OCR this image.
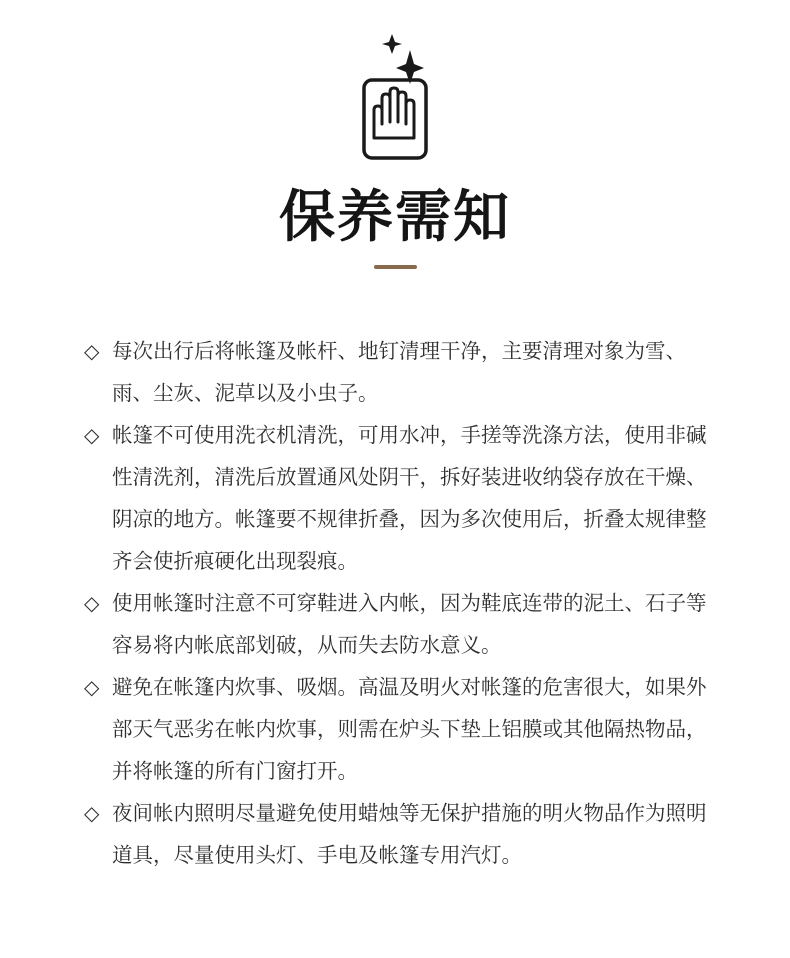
保养需知
◇ 每次出行后将帐篷及帐杆、地钉清理干净，主要清理对象为雪、雨、尘灰、泥草以及小虫子。
◇ 帐篷不可使用洗衣机清洗，可用水冲，手搓等洗涤方法，使用非碱性清洗剂，清洗后放置通风处阴干，拆好装进收纳袋存放在干燥、阴凉的地方。帐篷要不规律折叠，因为多次使用后，折叠太规律整齐会使折痕硬化出现裂痕。
◇ 使用帐篷时注意不可穿鞋进入内帐，因为鞋底连带的泥土、石子等容易将内帐底部划破，从而失去防水意义。
◇ 避免在帐篷内炊事、吸烟。高温及明火对帐篷的危害很大，如果外部天气恶劣在帐内炊事，则需在炉头下垫上铝膜或其他隔热物品，并将帐篷的所有门窗打开。
◇ 夜间帐内照明尽量避免使用蜡烛等无保护措施的明火物品作为照明道具，尽量使用头灯、手电及帐篷专用汽灯。
